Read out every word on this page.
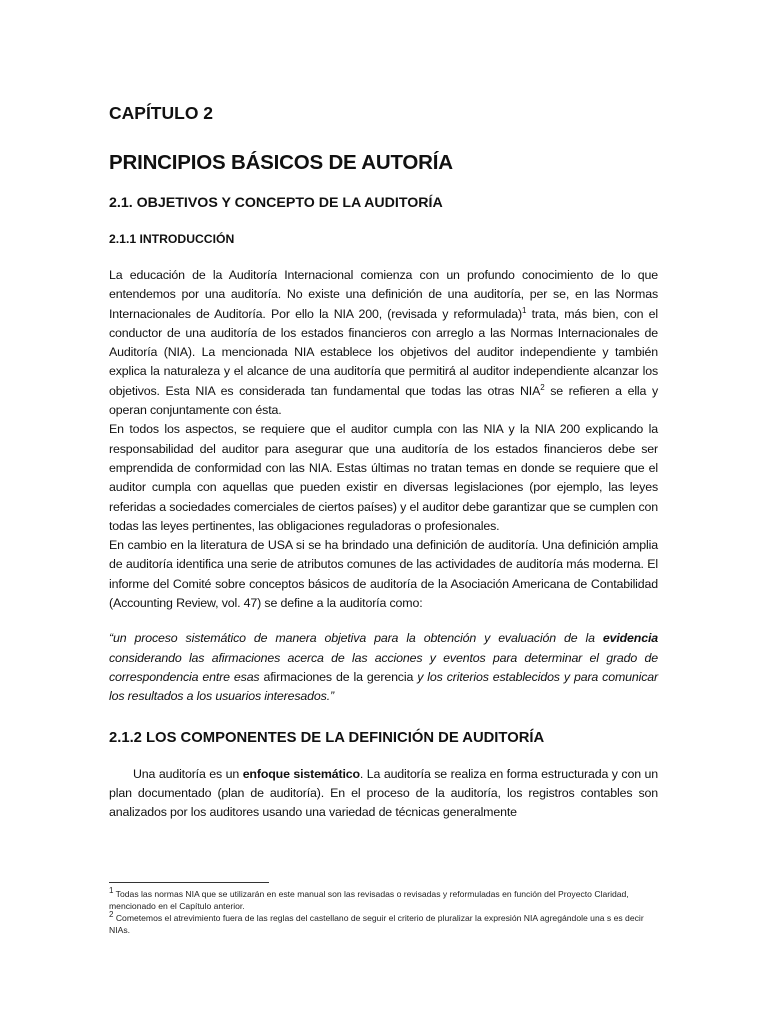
CAPÍTULO 2
PRINCIPIOS BÁSICOS DE AUTORÍA
2.1. OBJETIVOS Y CONCEPTO DE LA AUDITORÍA
2.1.1 INTRODUCCIÓN

La educación de la Auditoría Internacional comienza con un profundo conocimiento de lo que entendemos por una auditoría. No existe una definición de una auditoría, per se, en las Normas Internacionales de Auditoría. Por ello la NIA 200, (revisada y reformulada)$^1$ trata, más bien, con el conductor de una auditoría de los estados financieros con arreglo a las Normas Internacionales de Auditoría (NIA). La mencionada NIA establece los objetivos del auditor independiente y también explica la naturaleza y el alcance de una auditoría que permitirá al auditor independiente alcanzar los objetivos. Esta NIA es considerada tan fundamental que todas las otras NIA$^2$ se refieren a ella y operan conjuntamente con ésta.

En todos los aspectos, se requiere que el auditor cumpla con las NIA y la NIA 200 explicando la responsabilidad del auditor para asegurar que una auditoría de los estados financieros debe ser emprendida de conformidad con las NIA. Estas últimas no tratan temas en donde se requiere que el auditor cumpla con aquellas que pueden existir en diversas legislaciones (por ejemplo, las leyes referidas a sociedades comerciales de ciertos países) y el auditor debe garantizar que se cumplen con todas las leyes pertinentes, las obligaciones reguladoras o profesionales.

En cambio en la literatura de USA si se ha brindado una definición de auditoría. Una definición amplia de auditoría identifica una serie de atributos comunes de las actividades de auditoría más moderna. El informe del Comité sobre conceptos básicos de auditoría de la Asociación Americana de Contabilidad (Accounting Review, vol. 47) se define a la auditoría como:

“un proceso sistemático de manera objetiva para la obtención y evaluación de la evidencia considerando las afirmaciones acerca de las acciones y eventos para determinar el grado de correspondencia entre esas afirmaciones de la gerencia y los criterios establecidos y para comunicar los resultados a los usuarios interesados.”

2.1.2 LOS COMPONENTES DE LA DEFINICIÓN DE AUDITORÍA

Una auditoría es un enfoque sistemático. La auditoría se realiza en forma estructurada y con un plan documentado (plan de auditoría). En el proceso de la auditoría, los registros contables son analizados por los auditores usando una variedad de técnicas generalmente

$^1$ Todas las normas NIA que se utilizarán en este manual son las revisadas o revisadas y reformuladas en función del Proyecto Claridad, mencionado en el Capítulo anterior.

$^2$ Cometemos el atrevimiento fuera de las reglas del castellano de seguir el criterio de pluralizar la expresión NIA agregándole una s es decir NIAs.
